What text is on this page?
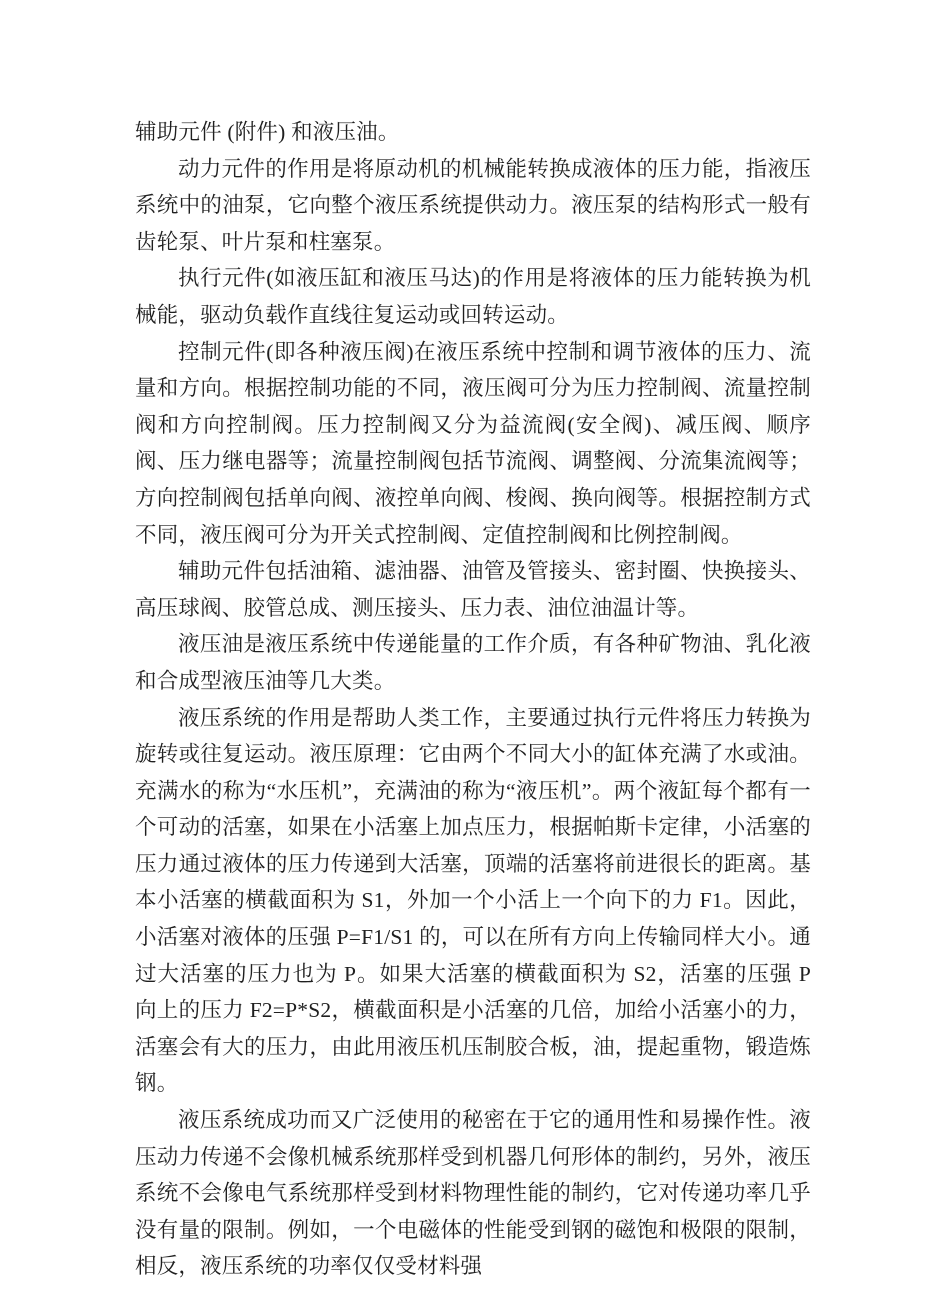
辅助元件 (附件) 和液压油。

动力元件的作用是将原动机的机械能转换成液体的压力能，指液压系统中的油泵，它向整个液压系统提供动力。液压泵的结构形式一般有齿轮泵、叶片泵和柱塞泵。

执行元件(如液压缸和液压马达)的作用是将液体的压力能转换为机械能，驱动负载作直线往复运动或回转运动。

控制元件(即各种液压阀)在液压系统中控制和调节液体的压力、流量和方向。根据控制功能的不同，液压阀可分为压力控制阀、流量控制阀和方向控制阀。压力控制阀又分为益流阀(安全阀)、减压阀、顺序阀、压力继电器等；流量控制阀包括节流阀、调整阀、分流集流阀等；方向控制阀包括单向阀、液控单向阀、梭阀、换向阀等。根据控制方式不同，液压阀可分为开关式控制阀、定值控制阀和比例控制阀。

辅助元件包括油箱、滤油器、油管及管接头、密封圈、快换接头、高压球阀、胶管总成、测压接头、压力表、油位油温计等。

液压油是液压系统中传递能量的工作介质，有各种矿物油、乳化液和合成型液压油等几大类。

液压系统的作用是帮助人类工作，主要通过执行元件将压力转换为旋转或往复运动。液压原理：它由两个不同大小的缸体充满了水或油。充满水的称为“水压机”，充满油的称为“液压机”。两个液缸每个都有一个可动的活塞，如果在小活塞上加点压力，根据帕斯卡定律，小活塞的压力通过液体的压力传递到大活塞，顶端的活塞将前进很长的距离。基本小活塞的横截面积为 S1，外加一个小活上一个向下的力 F1。因此，小活塞对液体的压强 P=F1/S1 的，可以在所有方向上传输同样大小。通过大活塞的压力也为 P。如果大活塞的横截面积为 S2，活塞的压强 P 向上的压力 F2=P*S2，横截面积是小活塞的几倍，加给小活塞小的力，活塞会有大的压力，由此用液压机压制胶合板，油，提起重物，锻造炼钢。

液压系统成功而又广泛使用的秘密在于它的通用性和易操作性。液压动力传递不会像机械系统那样受到机器几何形体的制约，另外，液压系统不会像电气系统那样受到材料物理性能的制约，它对传递功率几乎没有量的限制。例如，一个电磁体的性能受到钢的磁饱和极限的限制，相反，液压系统的功率仅仅受材料强
